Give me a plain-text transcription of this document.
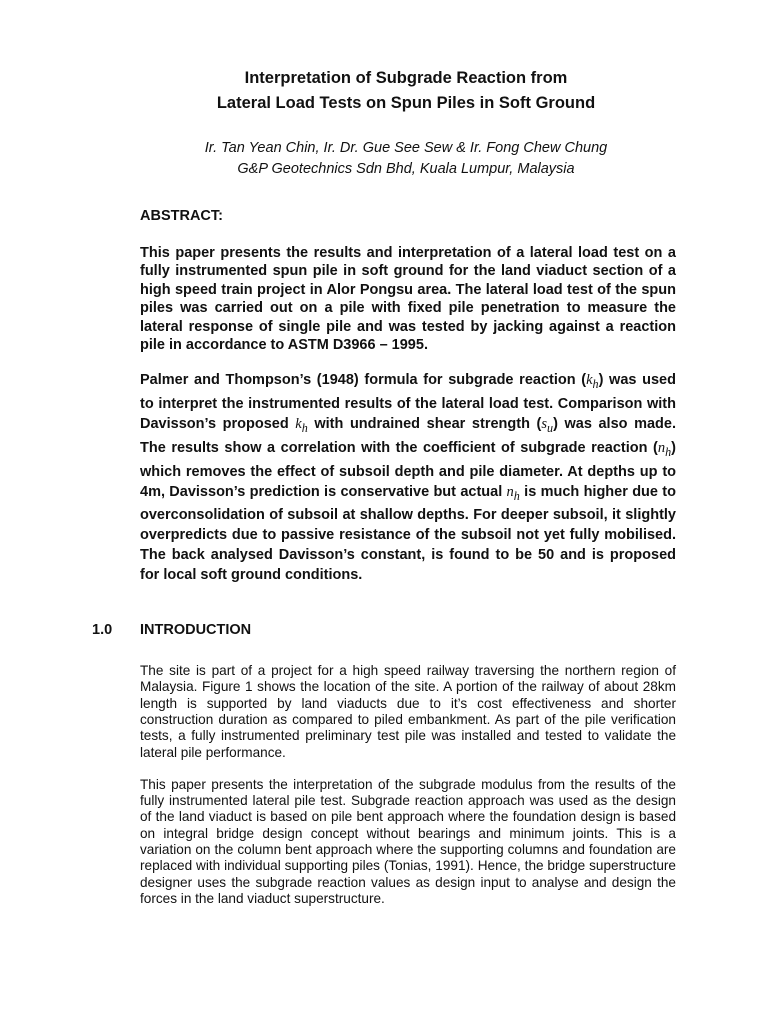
Interpretation of Subgrade Reaction from
Lateral Load Tests on Spun Piles in Soft Ground
Ir. Tan Yean Chin, Ir. Dr. Gue See Sew & Ir. Fong Chew Chung
G&P Geotechnics Sdn Bhd, Kuala Lumpur, Malaysia
ABSTRACT:

This paper presents the results and interpretation of a lateral load test on a fully instrumented spun pile in soft ground for the land viaduct section of a high speed train project in Alor Pongsu area. The lateral load test of the spun piles was carried out on a pile with fixed pile penetration to measure the lateral response of single pile and was tested by jacking against a reaction pile in accordance to ASTM D3966 – 1995.

Palmer and Thompson’s (1948) formula for subgrade reaction $(k_h)$ was used to interpret the instrumented results of the lateral load test. Comparison with Davisson’s proposed $k_h$ with undrained shear strength $(s_u)$ was also made. The results show a correlation with the coefficient of subgrade reaction $(n_h)$ which removes the effect of subsoil depth and pile diameter. At depths up to 4m, Davisson’s prediction is conservative but actual $n_h$ is much higher due to overconsolidation of subsoil at shallow depths. For deeper subsoil, it slightly overpredicts due to passive resistance of the subsoil not yet fully mobilised. The back analysed Davisson’s constant, is found to be 50 and is proposed for local soft ground conditions.

1.0 INTRODUCTION

The site is part of a project for a high speed railway traversing the northern region of Malaysia. Figure 1 shows the location of the site. A portion of the railway of about 28km length is supported by land viaducts due to it’s cost effectiveness and shorter construction duration as compared to piled embankment. As part of the pile verification tests, a fully instrumented preliminary test pile was installed and tested to validate the lateral pile performance.

This paper presents the interpretation of the subgrade modulus from the results of the fully instrumented lateral pile test. Subgrade reaction approach was used as the design of the land viaduct is based on pile bent approach where the foundation design is based on integral bridge design concept without bearings and minimum joints. This is a variation on the column bent approach where the supporting columns and foundation are replaced with individual supporting piles (Tonias, 1991). Hence, the bridge superstructure designer uses the subgrade reaction values as design input to analyse and design the forces in the land viaduct superstructure.
